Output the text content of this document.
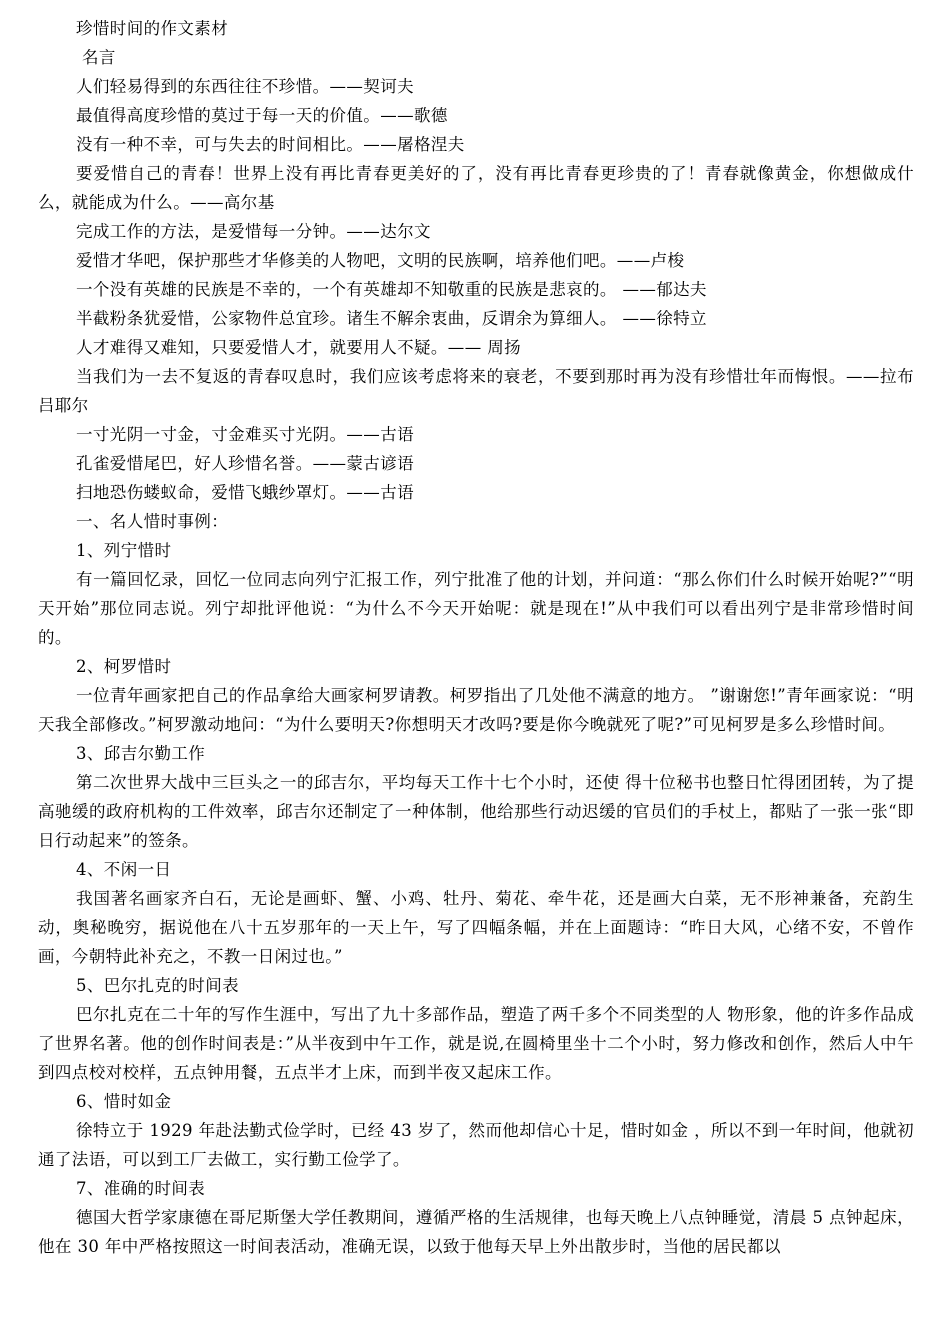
珍惜时间的作文素材

名言

人们轻易得到的东西往往不珍惜。——契诃夫

最值得高度珍惜的莫过于每一天的价值。——歌德

没有一种不幸，可与失去的时间相比。——屠格涅夫

要爱惜自己的青春！世界上没有再比青春更美好的了，没有再比青春更珍贵的了！青春就像黄金，你想做成什么，就能成为什么。——高尔基

完成工作的方法，是爱惜每一分钟。——达尔文

爱惜才华吧，保护那些才华修美的人物吧，文明的民族啊，培养他们吧。——卢梭

一个没有英雄的民族是不幸的，一个有英雄却不知敬重的民族是悲哀的。 ——郁达夫

半截粉条犹爱惜，公家物件总宜珍。诸生不解余衷曲，反谓余为算细人。 ——徐特立

人才难得又难知，只要爱惜人才，就要用人不疑。—— 周扬

当我们为一去不复返的青春叹息时，我们应该考虑将来的衰老，不要到那时再为没有珍惜壮年而悔恨。——拉布吕耶尔

一寸光阴一寸金，寸金难买寸光阴。——古语

孔雀爱惜尾巴，好人珍惜名誉。——蒙古谚语

扫地恐伤蝼蚁命，爱惜飞蛾纱罩灯。——古语

一、名人惜时事例：

1、列宁惜时

有一篇回忆录，回忆一位同志向列宁汇报工作，列宁批准了他的计划，并问道：“那么你们什么时候开始呢?”“明天开始”那位同志说。列宁却批评他说：“为什么不今天开始呢：就是现在!”从中我们可以看出列宁是非常珍惜时间的。

2、柯罗惜时

一位青年画家把自己的作品拿给大画家柯罗请教。柯罗指出了几处他不满意的地方。 ”谢谢您!”青年画家说：“明天我全部修改。”柯罗激动地问：“为什么要明天?你想明天才改吗?要是你今晚就死了呢?”可见柯罗是多么珍惜时间。

3、邱吉尔勤工作

第二次世界大战中三巨头之一的邱吉尔，平均每天工作十七个小时，还使 得十位秘书也整日忙得团团转，为了提高驰缓的政府机构的工件效率，邱吉尔还制定了一种体制，他给那些行动迟缓的官员们的手杖上，都贴了一张一张“即日行动起来”的签条。

4、不闲一日

我国著名画家齐白石，无论是画虾、蟹、小鸡、牡丹、菊花、牵牛花，还是画大白菜，无不形神兼备，充韵生动，奥秘晚穷，据说他在八十五岁那年的一天上午，写了四幅条幅，并在上面题诗：“昨日大风，心绪不安，不曾作画，今朝特此补充之，不教一日闲过也。”

5、巴尔扎克的时间表

巴尔扎克在二十年的写作生涯中，写出了九十多部作品，塑造了两千多个不同类型的人 物形象，他的许多作品成了世界名著。他的创作时间表是：”从半夜到中午工作，就是说,在圆椅里坐十二个小时，努力修改和创作，然后人中午到四点校对校样，五点钟用餐，五点半才上床，而到半夜又起床工作。

6、惜时如金

徐特立于 1929 年赴法勤式俭学时，已经 43 岁了，然而他却信心十足，惜时如金 ，所以不到一年时间，他就初通了法语，可以到工厂去做工，实行勤工俭学了。

7、准确的时间表

德国大哲学家康德在哥尼斯堡大学任教期间，遵循严格的生活规律，也每天晚上八点钟睡觉，清晨 5 点钟起床，他在 30 年中严格按照这一时间表活动，准确无误，以致于他每天早上外出散步时，当他的居民都以
